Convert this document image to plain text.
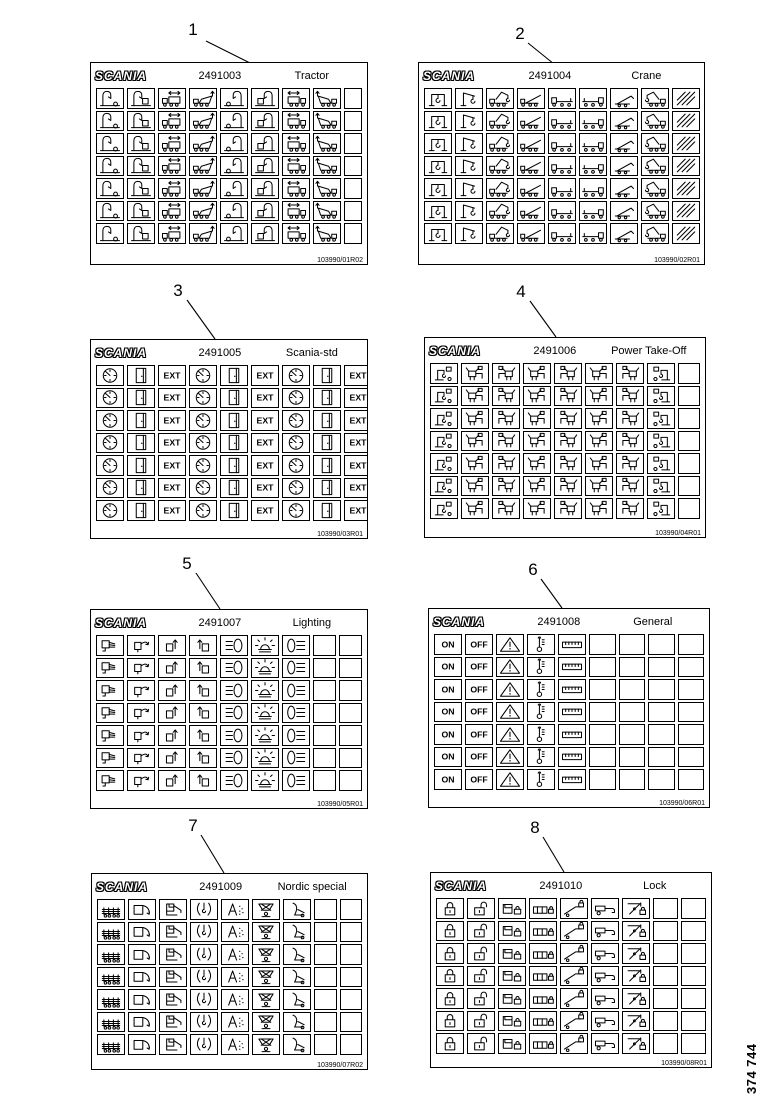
1	2
3	4
5	6
7	8
SCANIA	2491003	Tractor
103990/01R02
SCANIA	2491004	Crane
103990/02R01
SCANIA	2491005	Scania-std
103990/03R01
SCANIA	2491006	Power Take-Off
103990/04R01
SCANIA	2491007	Lighting
103990/05R01
SCANIA	2491008	General
103990/06R01
SCANIA	2491009	Nordic special
103990/07R02
SCANIA	2491010	Lock
103990/08R01	374 744
